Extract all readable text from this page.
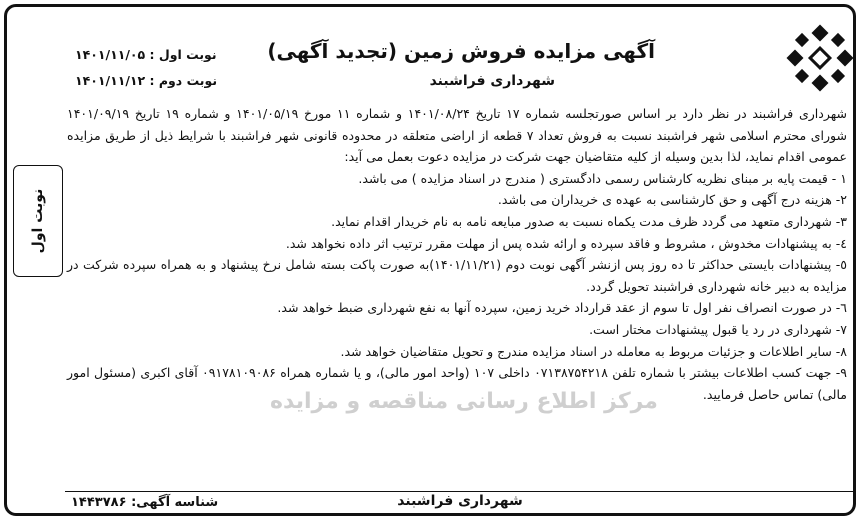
آگهی مزایده فروش زمین (تجدید آگهی)
شهرداری فراشبند
نوبت اول : ۱۴۰۱/۱۱/۰۵
نوبت دوم : ۱۴۰۱/۱۱/۱۲
مرکز اطلاع رسانی مناقصه و مزایده

شهرداری فراشبند در نظر دارد بر اساس صورتجلسه شماره ۱۷ تاریخ ۱۴۰۱/۰۸/۲۴ و شماره ۱۱ مورخ ۱۴۰۱/۰۵/۱۹ و شماره ۱۹ تاریخ ۱۴۰۱/۰۹/۱۹ شورای محترم اسلامی شهر فراشبند نسبت به فروش تعداد ۷ قطعه از اراضی متعلقه در محدوده قانونی شهر فراشبند با شرایط ذیل از طریق مزایده عمومی اقدام نماید، لذا بدین وسیله از کلیه متقاضیان جهت شرکت در مزایده دعوت بعمل می آید:

۱ - قیمت پایه بر مبنای نظریه کارشناس رسمی دادگستری ( مندرج در اسناد مزایده ) می باشد.

۲- هزینه درج آگهی و حق کارشناسی به عهده ی خریداران می باشد.

۳- شهرداری متعهد می گردد ظرف مدت یکماه نسبت به صدور مبایعه نامه به نام خریدار اقدام نماید.

٤- به پیشنهادات مخدوش ، مشروط و فاقد سپرده و ارائه شده پس از مهلت مقرر ترتیب اثر داده نخواهد شد.

٥- پیشنهادات بایستی حداکثر تا ده روز پس ازنشر آگهی نوبت دوم (۱۴۰۱/۱۱/۲۱)به صورت پاکت بسته شامل نرخ پیشنهاد و به همراه سپرده شرکت در مزایده به دبیر خانه شهرداری فراشبند تحویل گردد.

٦- در صورت انصراف نفر اول تا سوم از عقد قرارداد خرید زمین، سپرده آنها به نفع شهرداری ضبط خواهد شد.

۷- شهرداری در رد یا قبول پیشنهادات مختار است.

۸- سایر اطلاعات و جزئیات مربوط به معامله در اسناد مزایده مندرج و تحویل متقاضیان خواهد شد.

۹- جهت کسب اطلاعات بیشتر با شماره تلفن ۰۷۱۳۸۷۵۴۲۱۸ داخلی ۱۰۷ (واحد امور مالی)، و یا شماره همراه ۰۹۱۷۸۱۰۹۰۸۶ آقای اکبری (مسئول امور مالی) تماس حاصل فرمایید.

شهرداری فراشبند
شناسه آگهی: ۱۴۴۳۷۸۶
نوبت اول
